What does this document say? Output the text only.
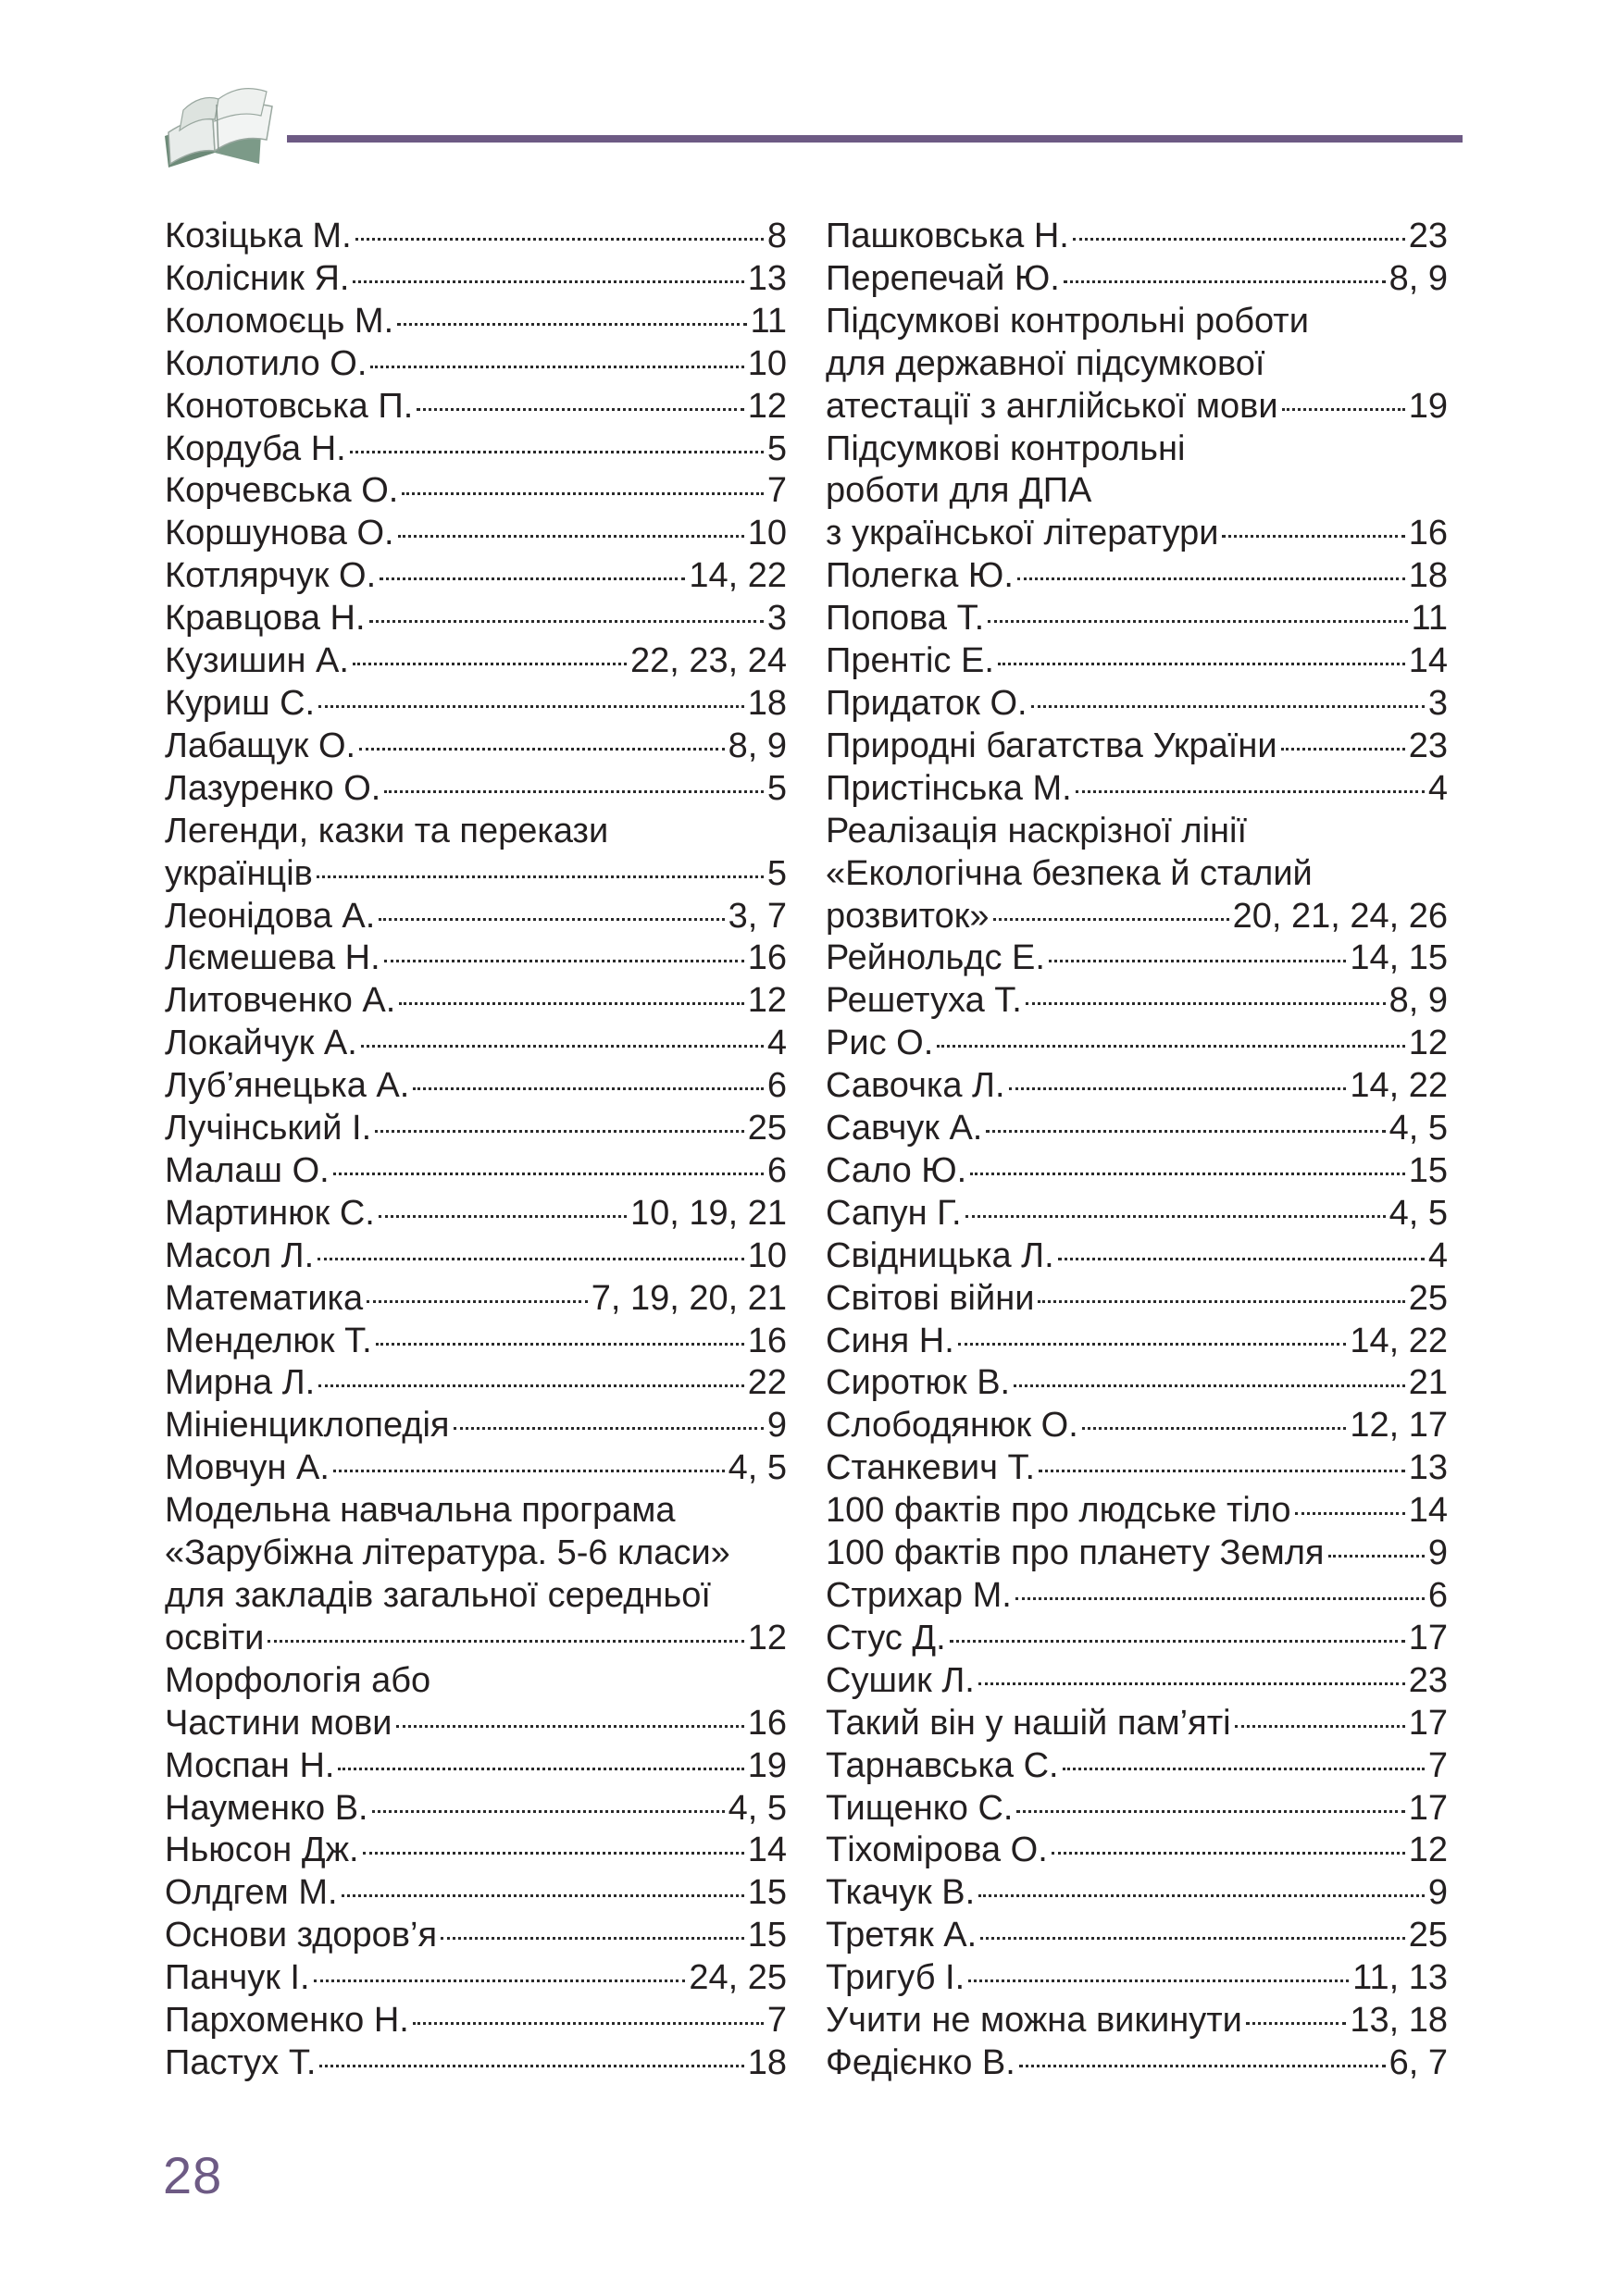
Козіцька М.	8
Колісник Я.	13
Коломоєць М.	11
Колотило О.	10
Конотовська П.	12
Кордуба Н.	5
Корчевська О.	7
Коршунова О.	10
Котлярчук О.	14, 22
Кравцова Н.	3
Кузишин А.	22, 23, 24
Куриш С.	18
Лабащук О.	8, 9
Лазуренко О.	5
Легенди, казки та перекази
українців	5
Леонідова А.	3, 7
Лємешева Н.	16
Литовченко А.	12
Локайчук А.	4
Луб’янецька А.	6
Лучінський І.	25
Малаш О.	6
Мартинюк С.	10, 19, 21
Масол Л.	10
Математика	7, 19, 20, 21
Менделюк Т.	16
Мирна Л.	22
Мініенциклопедія	9
Мовчун А.	4, 5
Модельна навчальна програма
«Зарубіжна література. 5-6 класи»
для закладів загальної середньої
освіти	12
Морфологія або
Частини мови	16
Моспан Н.	19
Науменко В.	4, 5
Ньюсон Дж.	14
Олдгем М.	15
Основи здоров’я	15
Панчук І.	24, 25
Пархоменко Н.	7
Пастух Т.	18
Пашковська Н.	23
Перепечай Ю.	8, 9
Підсумкові контрольні роботи
для державної підсумкової
атестації з англійської мови	19
Підсумкові контрольні
роботи для ДПА
з української літератури	16
Полегка Ю.	18
Попова Т.	11
Прентіс Е.	14
Придаток О.	3
Природні багатства України	23
Пристінська М.	4
Реалізація наскрізної лінії
«Екологічна безпека й сталий
розвиток»	20, 21, 24, 26
Рейнольдс Е.	14, 15
Решетуха Т.	8, 9
Рис О.	12
Савочка Л.	14, 22
Савчук А.	4, 5
Сало Ю.	15
Сапун Г.	4, 5
Свідницька Л.	4
Світові війни	25
Синя Н.	14, 22
Сиротюк В.	21
Слободянюк О.	12, 17
Станкевич Т.	13
100 фактів про людське тіло	14
100 фактів про планету Земля	9
Стрихар М.	6
Стус Д.	17
Сушик Л.	23
Такий він у нашій пам’яті	17
Тарнавська С.	7
Тищенко С.	17
Тіхомірова О.	12
Ткачук В.	9
Третяк А.	25
Тригуб І.	11, 13
Учити не можна викинути	13, 18
Федієнко В.	6, 7
28
